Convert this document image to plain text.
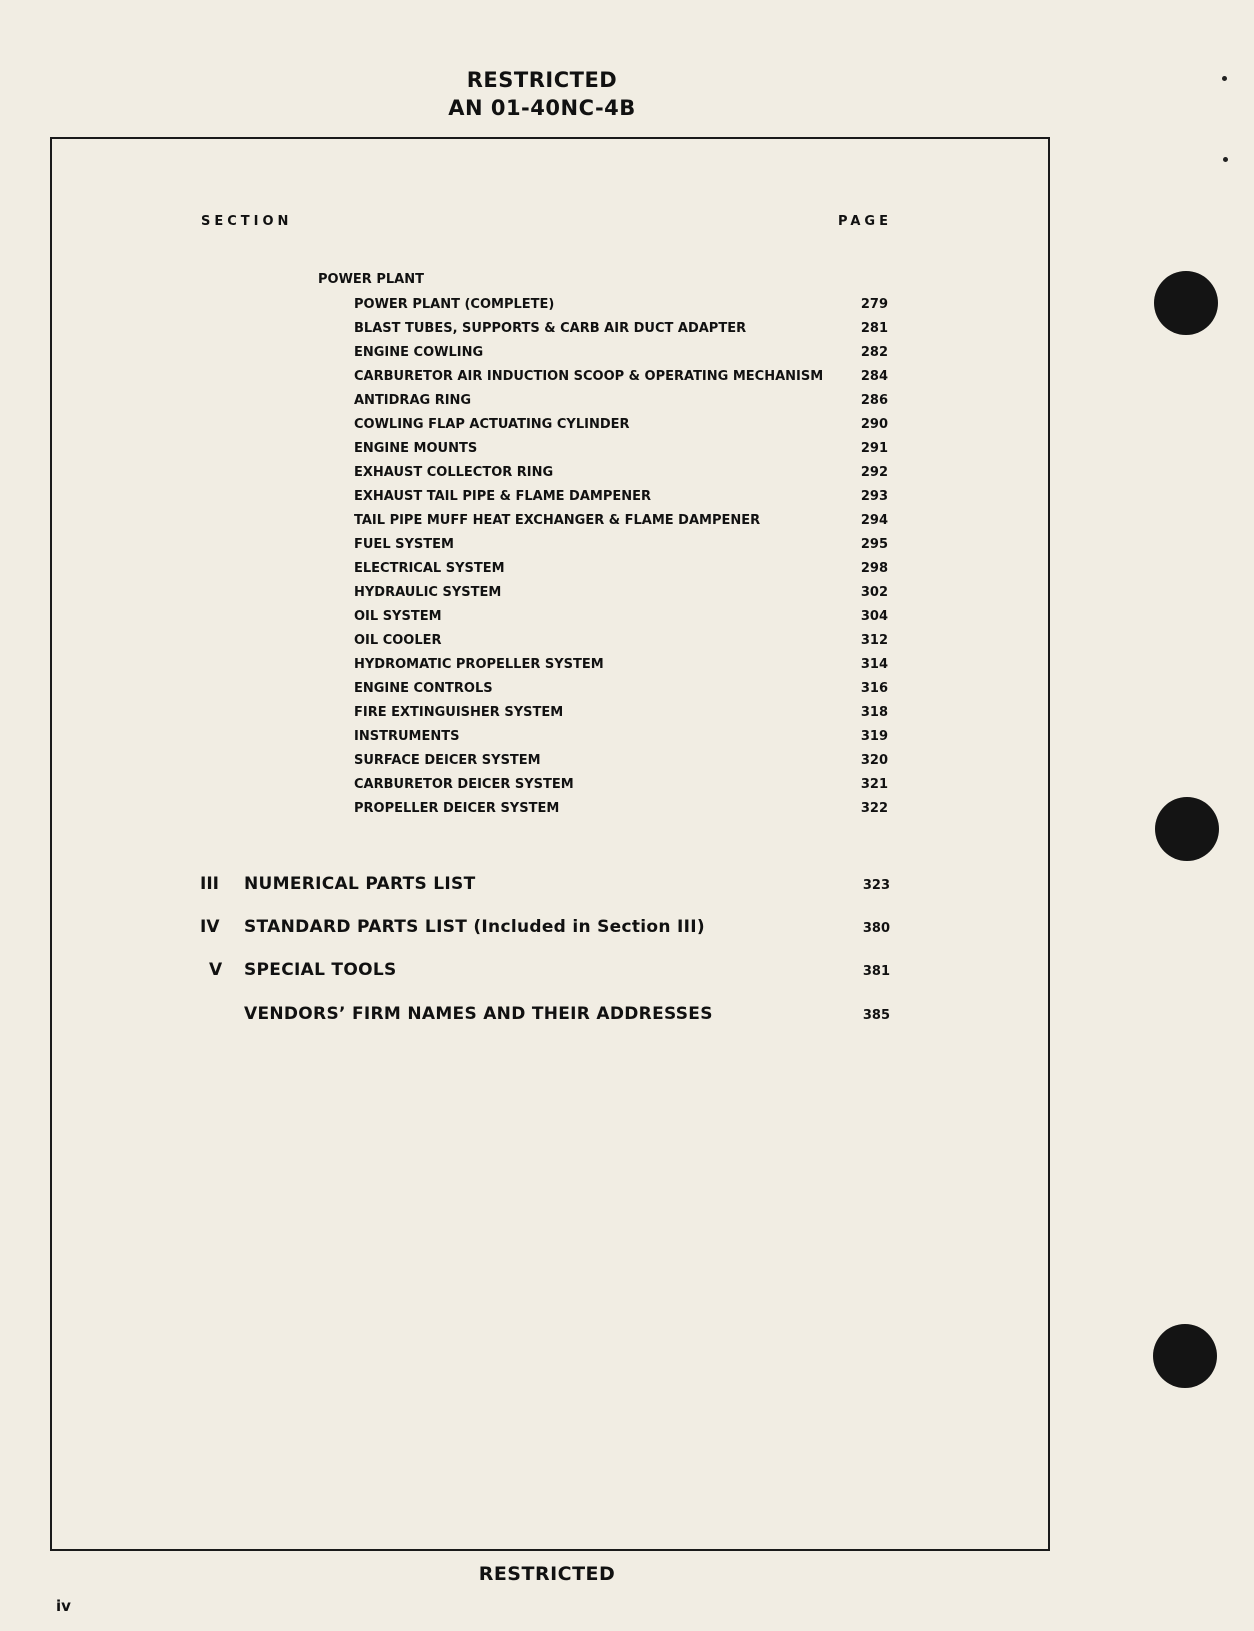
RESTRICTED
AN 01-40NC-4B
SECTION	PAGE
POWER PLANT
POWER PLANT (COMPLETE)	279
BLAST TUBES, SUPPORTS & CARB AIR DUCT ADAPTER	281
ENGINE COWLING	282
CARBURETOR AIR INDUCTION SCOOP & OPERATING MECHANISM	284
ANTIDRAG RING	286
COWLING FLAP ACTUATING CYLINDER	290
ENGINE MOUNTS	291
EXHAUST COLLECTOR RING	292
EXHAUST TAIL PIPE & FLAME DAMPENER	293
TAIL PIPE MUFF HEAT EXCHANGER & FLAME DAMPENER	294
FUEL SYSTEM	295
ELECTRICAL SYSTEM	298
HYDRAULIC SYSTEM	302
OIL SYSTEM	304
OIL COOLER	312
HYDROMATIC PROPELLER SYSTEM	314
ENGINE CONTROLS	316
FIRE EXTINGUISHER SYSTEM	318
INSTRUMENTS	319
SURFACE DEICER SYSTEM	320
CARBURETOR DEICER SYSTEM	321
PROPELLER DEICER SYSTEM	322
III	NUMERICAL PARTS LIST	323
IV	STANDARD PARTS LIST (Included in Section III)	380
V	SPECIAL TOOLS	381
VENDORS’ FIRM NAMES AND THEIR ADDRESSES	385
RESTRICTED
iv
